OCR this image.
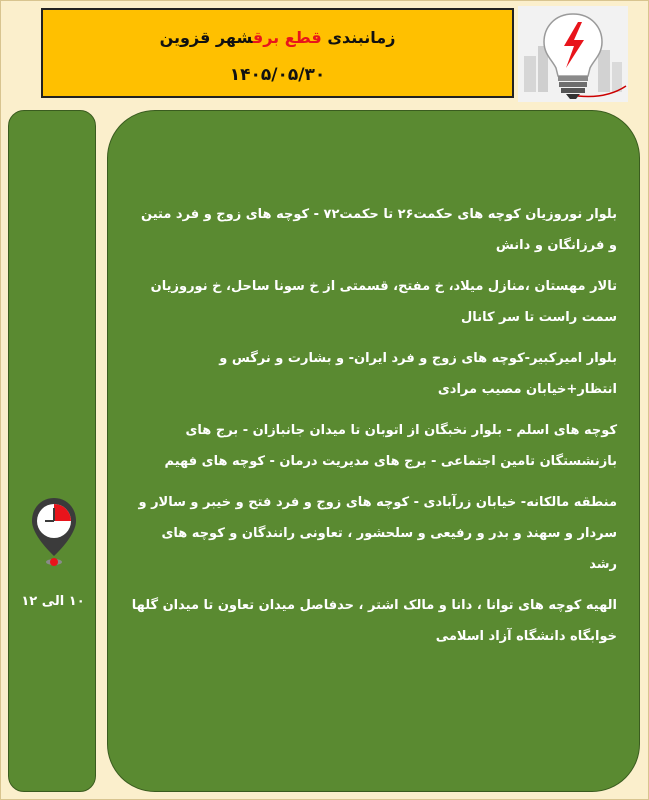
زمانبندی قطع برقشهر قزوین
۱۴۰۵/۰۵/۳۰
۱۰ الی ۱۲
بلوار نوروزیان کوچه های حکمت۲۶ تا حکمت۷۲ - کوچه های زوج و فرد متین و فرزانگان و دانش
تالار مهستان ،منازل میلاد، خ مفتح، قسمتی از خ سونا ساحل، خ نوروزیان سمت راست تا سر کانال
بلوار امیرکبیر-کوچه های زوج و فرد ایران- و بشارت و نرگس و انتظار+خیابان مصیب مرادی
کوچه های اسلم - بلوار نخبگان از اتوبان تا میدان جانبازان - برج های بازنشستگان تامین اجتماعی - برج های مدیریت درمان - کوچه های فهیم
منطقه مالکانه- خیابان زرآبادی - کوچه های زوج و فرد فتح و خیبر و سالار و سردار و سهند و بدر و رفیعی و سلحشور ، تعاونی رانندگان و کوچه های رشد
الهیه کوچه های توانا ، دانا و مالک اشتر ، حدفاصل میدان تعاون تا میدان گلها خوابگاه دانشگاه آزاد اسلامی
